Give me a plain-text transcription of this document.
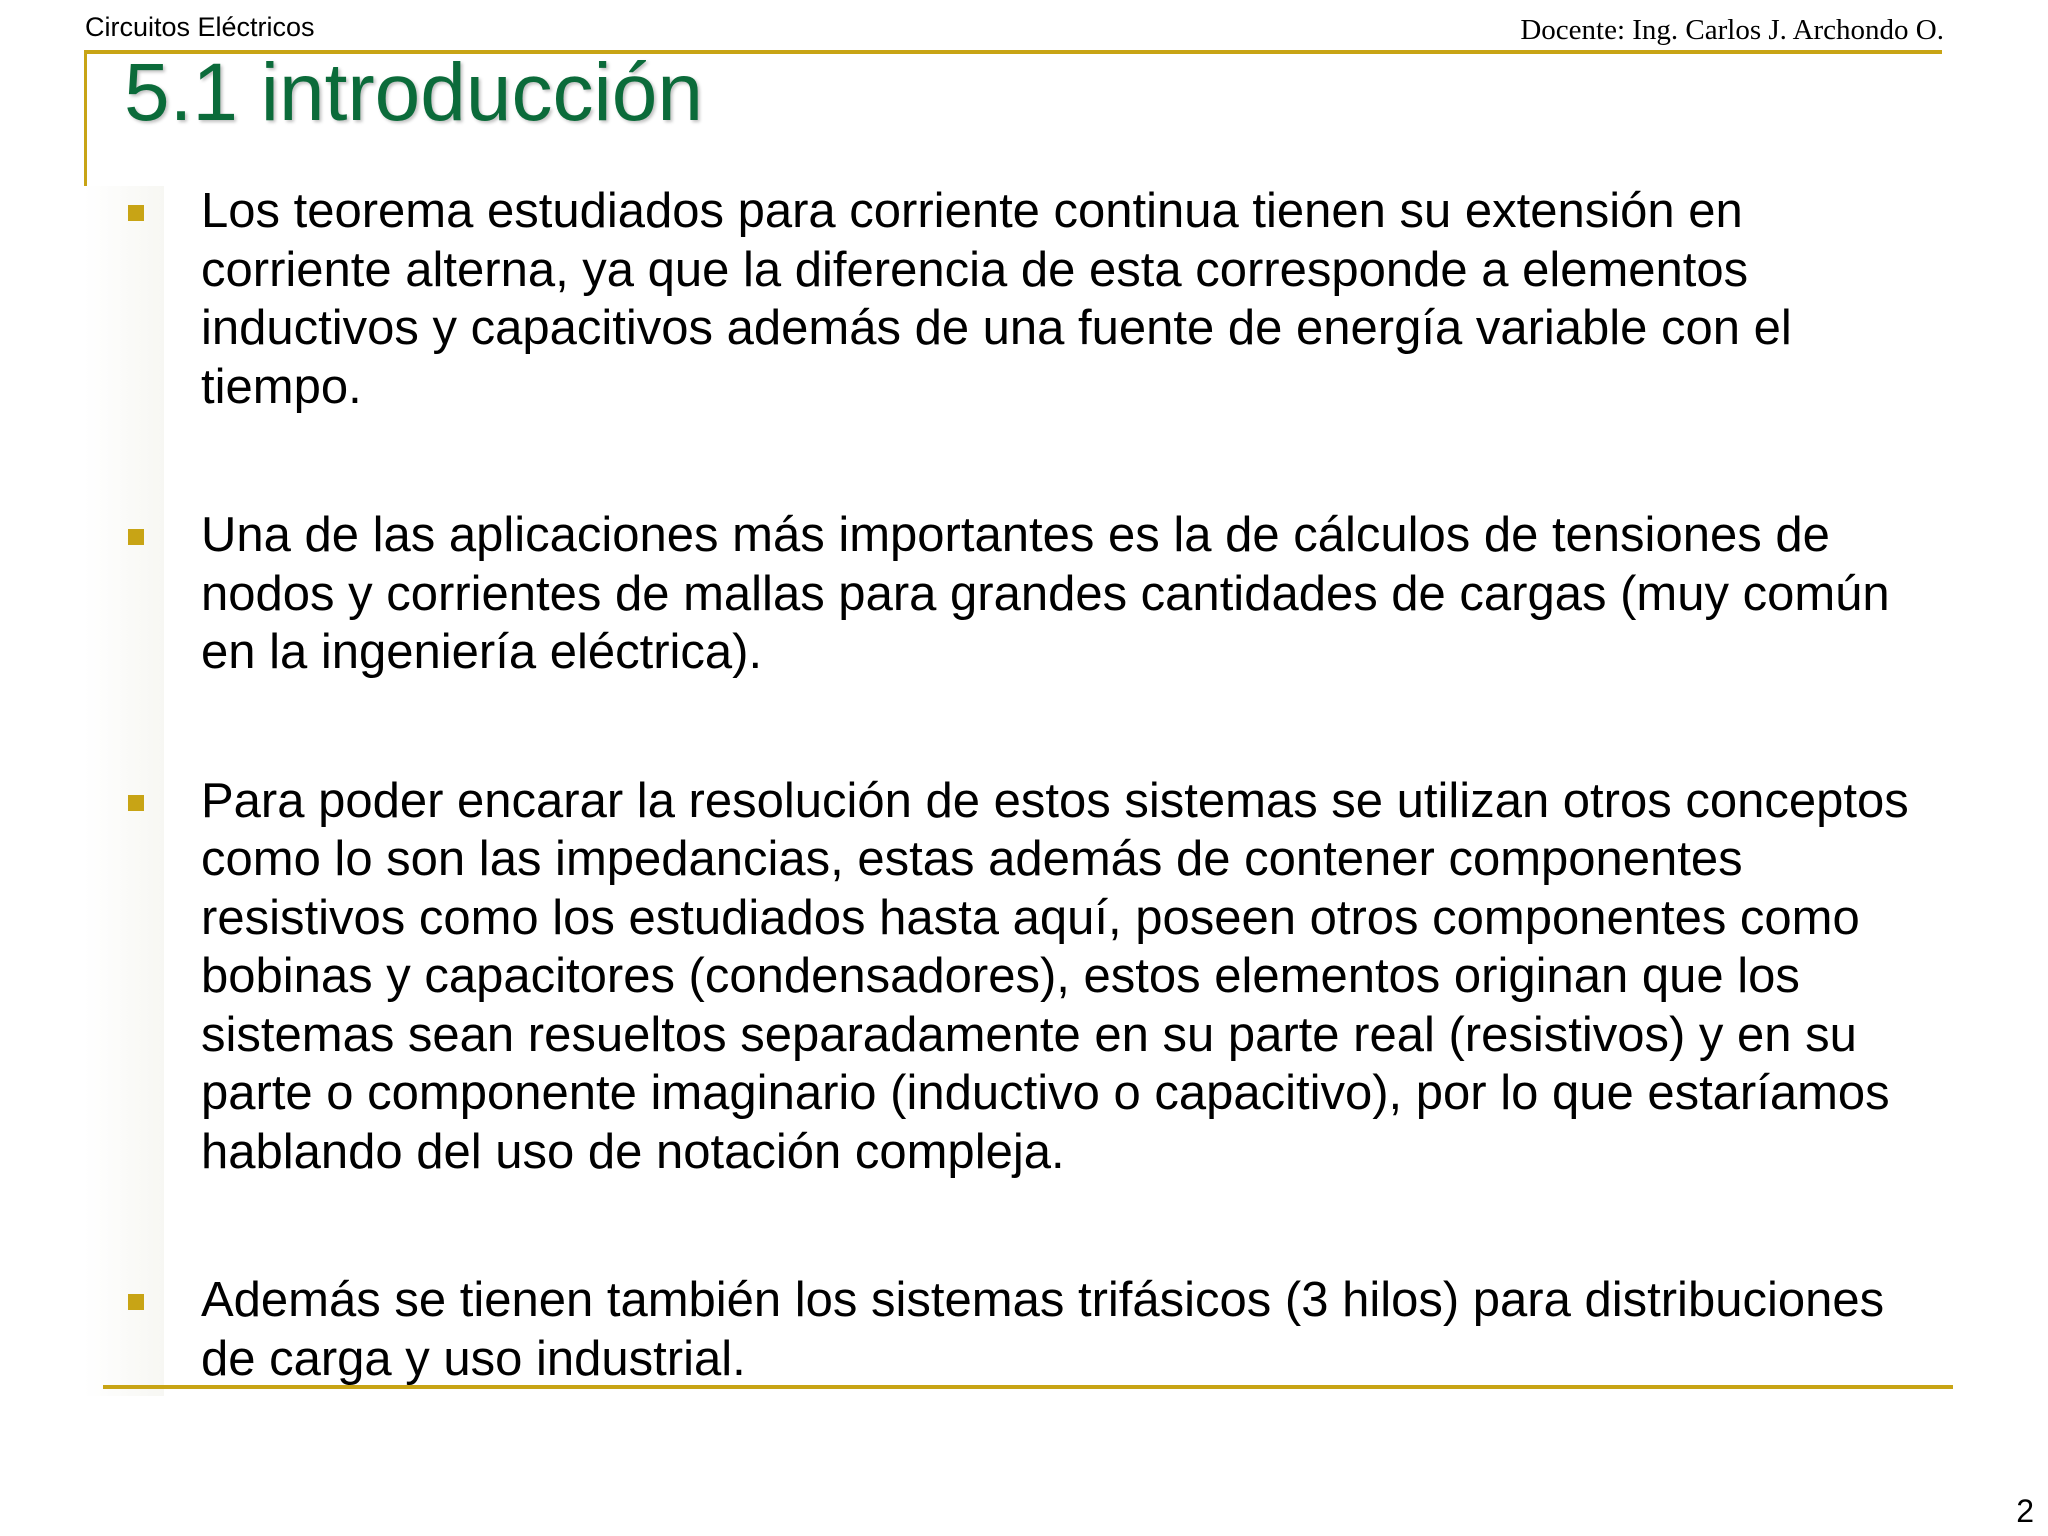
Circuitos Eléctricos	Docente: Ing. Carlos J. Archondo O.
5.1 introducción
Los teorema estudiados para corriente continua tienen su extensión en corriente alterna, ya que la diferencia de esta corresponde a elementos inductivos y capacitivos además de una fuente de energía variable con el tiempo.
Una de las aplicaciones más importantes es la de cálculos de tensiones de nodos y corrientes de mallas para grandes cantidades de cargas (muy común en la ingeniería eléctrica).
Para poder encarar la resolución de estos sistemas se utilizan otros conceptos como lo son las impedancias, estas además de contener componentes resistivos como los estudiados hasta aquí, poseen otros componentes como bobinas y capacitores (condensadores), estos elementos originan que los sistemas sean resueltos separadamente en su parte real (resistivos) y en su parte o componente imaginario (inductivo o capacitivo), por lo que estaríamos hablando del uso de notación compleja.
Además se tienen también los sistemas trifásicos (3 hilos) para distribuciones de carga y uso industrial.
2
